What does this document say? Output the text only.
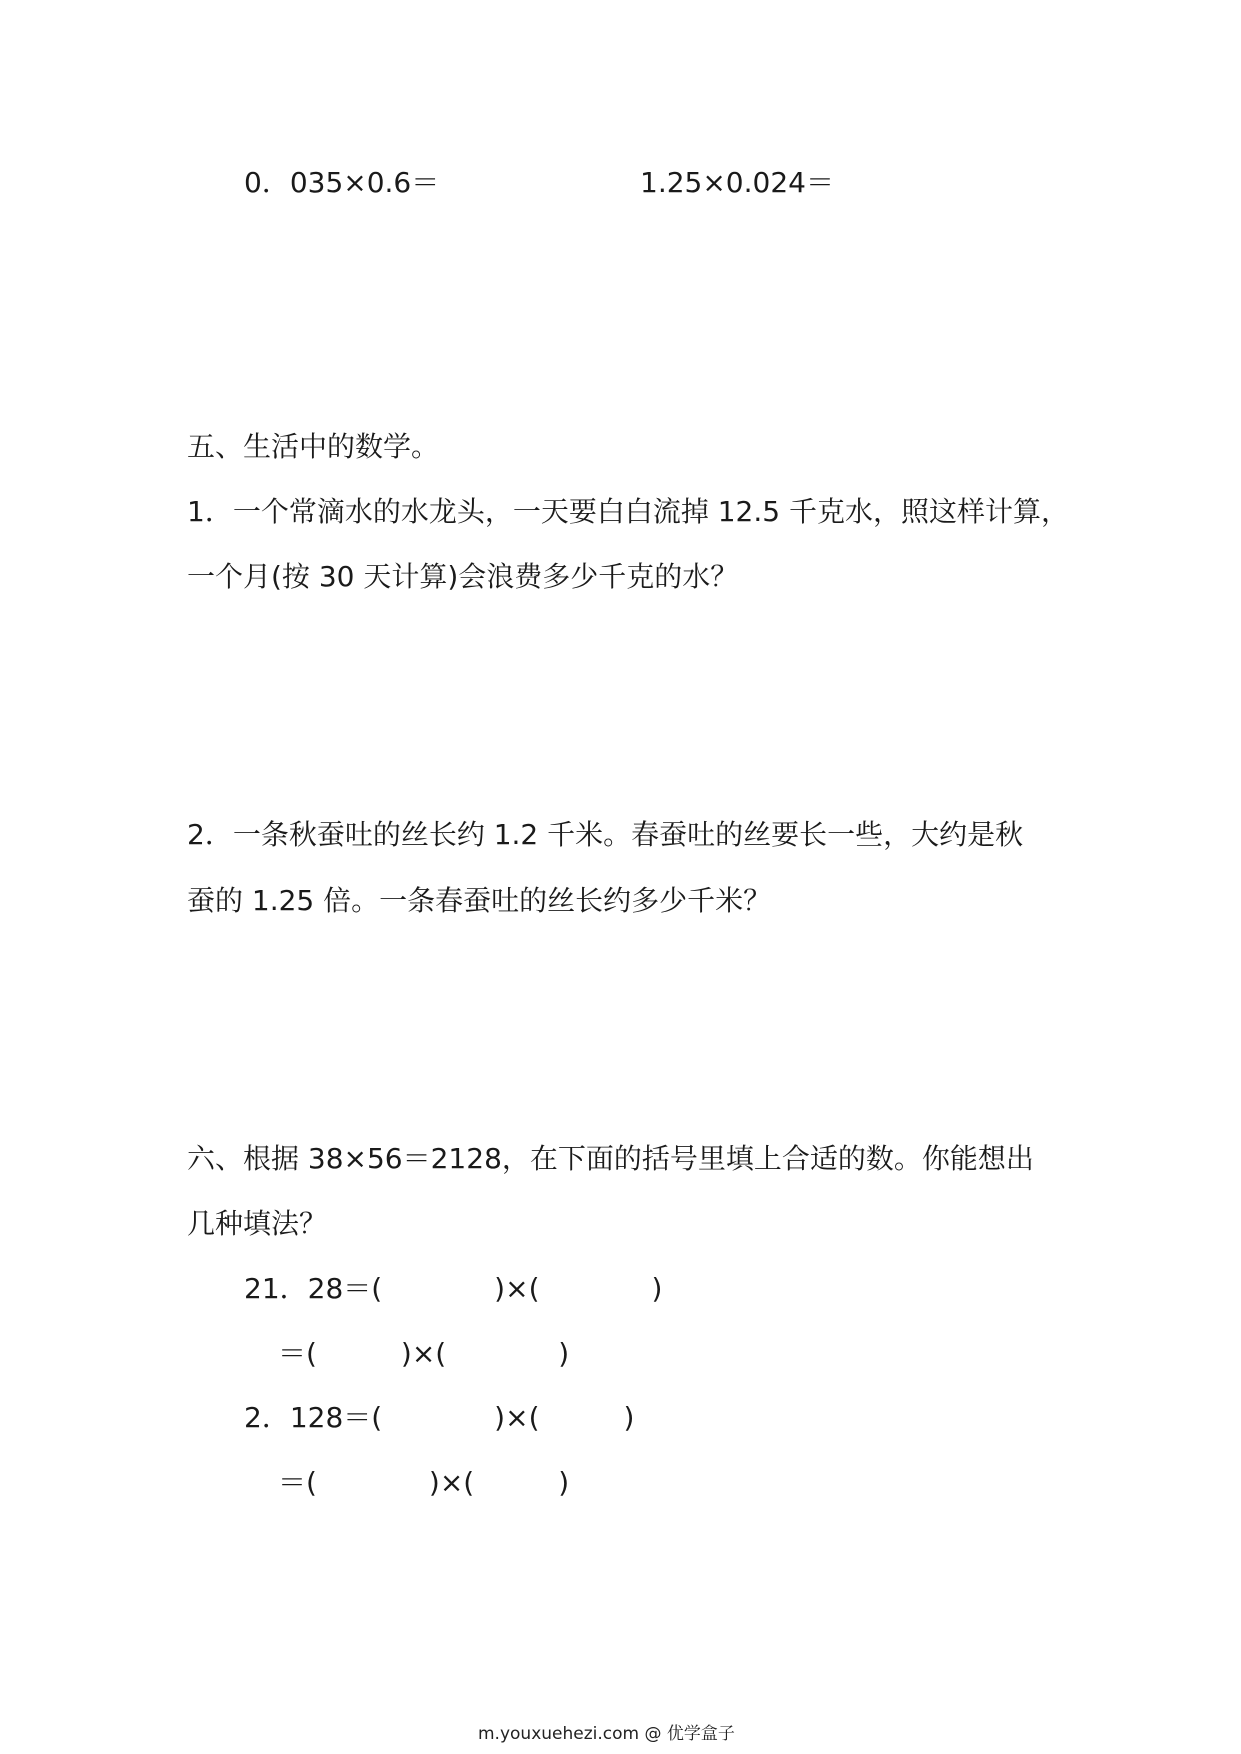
0．035×0.6＝	1.25×0.024＝
五、生活中的数学。
1．一个常滴水的水龙头，一天要白白流掉 12.5 千克水，照这样计算，
一个月(按 30 天计算)会浪费多少千克的水？
2．一条秋蚕吐的丝长约 1.2 千米。春蚕吐的丝要长一些，大约是秋
蚕的 1.25 倍。一条春蚕吐的丝长约多少千米？
六、根据 38×56＝2128，在下面的括号里填上合适的数。你能想出
几种填法？
21．28＝(　　　　)×(　　　　)
＝(　　　)×(　　　　)
2．128＝(　　　　)×(　　　)
＝(　　　　)×(　　　)
m.youxuehezi.com @ 优学盒子
